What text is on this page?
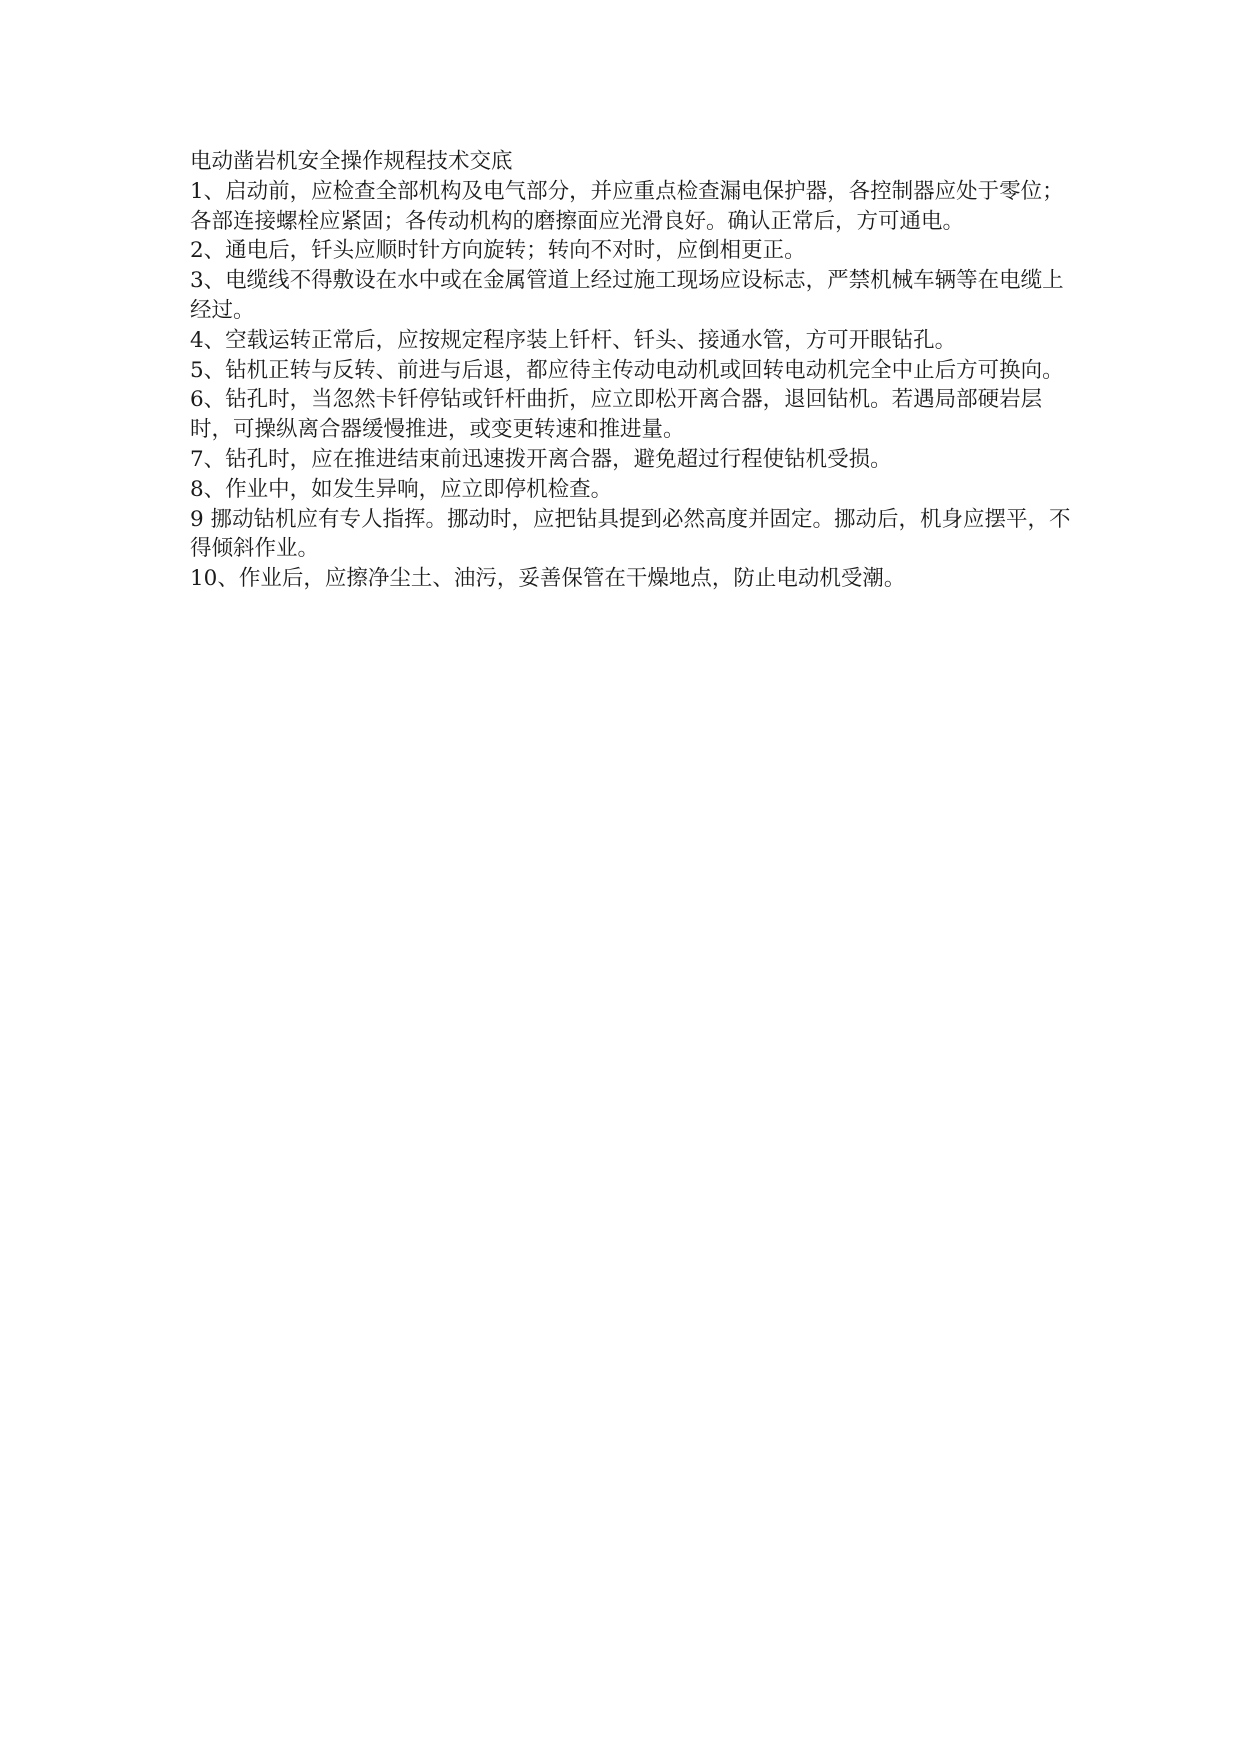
电动凿岩机安全操作规程技术交底

1、启动前，应检查全部机构及电气部分，并应重点检查漏电保护器，各控制器应处于零位；各部连接螺栓应紧固；各传动机构的磨擦面应光滑良好。确认正常后，方可通电。

2、通电后，钎头应顺时针方向旋转；转向不对时，应倒相更正。

3、电缆线不得敷设在水中或在金属管道上经过施工现场应设标志，严禁机械车辆等在电缆上经过。

4、空载运转正常后，应按规定程序装上钎杆、钎头、接通水管，方可开眼钻孔。

5、钻机正转与反转、前进与后退，都应待主传动电动机或回转电动机完全中止后方可换向。

6、钻孔时，当忽然卡钎停钻或钎杆曲折，应立即松开离合器，退回钻机。若遇局部硬岩层时，可操纵离合器缓慢推进，或变更转速和推进量。

7、钻孔时，应在推进结束前迅速拨开离合器，避免超过行程使钻机受损。

8、作业中，如发生异响，应立即停机检查。

9 挪动钻机应有专人指挥。挪动时，应把钻具提到必然高度并固定。挪动后，机身应摆平，不得倾斜作业。

10、作业后，应擦净尘土、油污，妥善保管在干燥地点，防止电动机受潮。
